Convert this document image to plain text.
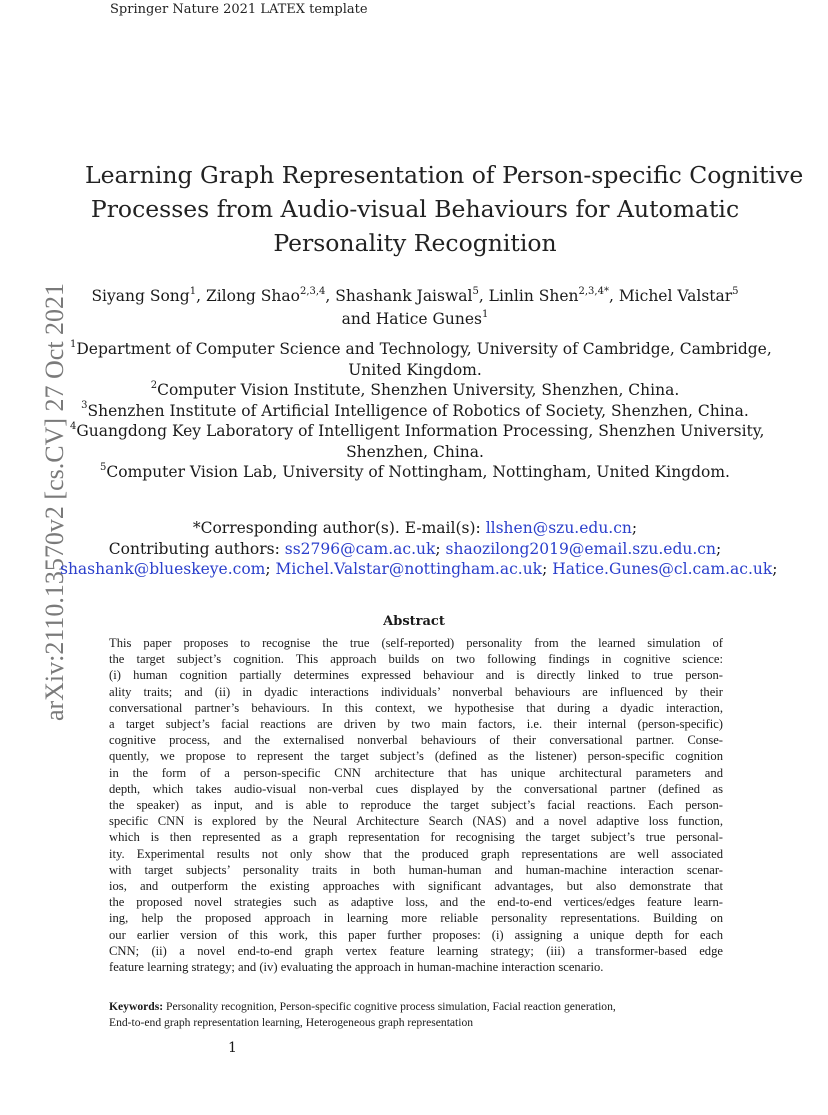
Springer Nature 2021 LATEX template
arXiv:2110.13570v2 [cs.CV] 27 Oct 2021
Learning Graph Representation of Person-specific Cognitive
Processes from Audio-visual Behaviours for Automatic
Personality Recognition
Siyang Song$^1$, Zilong Shao$^{2,3,4}$, Shashank Jaiswal$^5$, Linlin Shen$^{2,3,4*}$, Michel Valstar$^5$
and Hatice Gunes$^1$
$^1$Department of Computer Science and Technology, University of Cambridge, Cambridge,
United Kingdom.
$^2$Computer Vision Institute, Shenzhen University, Shenzhen, China.
$^3$Shenzhen Institute of Artificial Intelligence of Robotics of Society, Shenzhen, China.
$^4$Guangdong Key Laboratory of Intelligent Information Processing, Shenzhen University,
Shenzhen, China.
$^5$Computer Vision Lab, University of Nottingham, Nottingham, United Kingdom.
*Corresponding author(s). E-mail(s): llshen@szu.edu.cn;
Contributing authors: ss2796@cam.ac.uk; shaozilong2019@email.szu.edu.cn;
shashank@blueskeye.com; Michel.Valstar@nottingham.ac.uk; Hatice.Gunes@cl.cam.ac.uk;
Abstract
This paper proposes to recognise the true (self-reported) personality from the learned simulation of
the target subject’s cognition. This approach builds on two following findings in cognitive science:
(i) human cognition partially determines expressed behaviour and is directly linked to true person-
ality traits; and (ii) in dyadic interactions individuals’ nonverbal behaviours are influenced by their
conversational partner’s behaviours. In this context, we hypothesise that during a dyadic interaction,
a target subject’s facial reactions are driven by two main factors, i.e. their internal (person-specific)
cognitive process, and the externalised nonverbal behaviours of their conversational partner. Conse-
quently, we propose to represent the target subject’s (defined as the listener) person-specific cognition
in the form of a person-specific CNN architecture that has unique architectural parameters and
depth, which takes audio-visual non-verbal cues displayed by the conversational partner (defined as
the speaker) as input, and is able to reproduce the target subject’s facial reactions. Each person-
specific CNN is explored by the Neural Architecture Search (NAS) and a novel adaptive loss function,
which is then represented as a graph representation for recognising the target subject’s true personal-
ity. Experimental results not only show that the produced graph representations are well associated
with target subjects’ personality traits in both human-human and human-machine interaction scenar-
ios, and outperform the existing approaches with significant advantages, but also demonstrate that
the proposed novel strategies such as adaptive loss, and the end-to-end vertices/edges feature learn-
ing, help the proposed approach in learning more reliable personality representations. Building on
our earlier version of this work, this paper further proposes: (i) assigning a unique depth for each
CNN; (ii) a novel end-to-end graph vertex feature learning strategy; (iii) a transformer-based edge
feature learning strategy; and (iv) evaluating the approach in human-machine interaction scenario.
Keywords: Personality recognition, Person-specific cognitive process simulation, Facial reaction generation,
End-to-end graph representation learning, Heterogeneous graph representation
1
